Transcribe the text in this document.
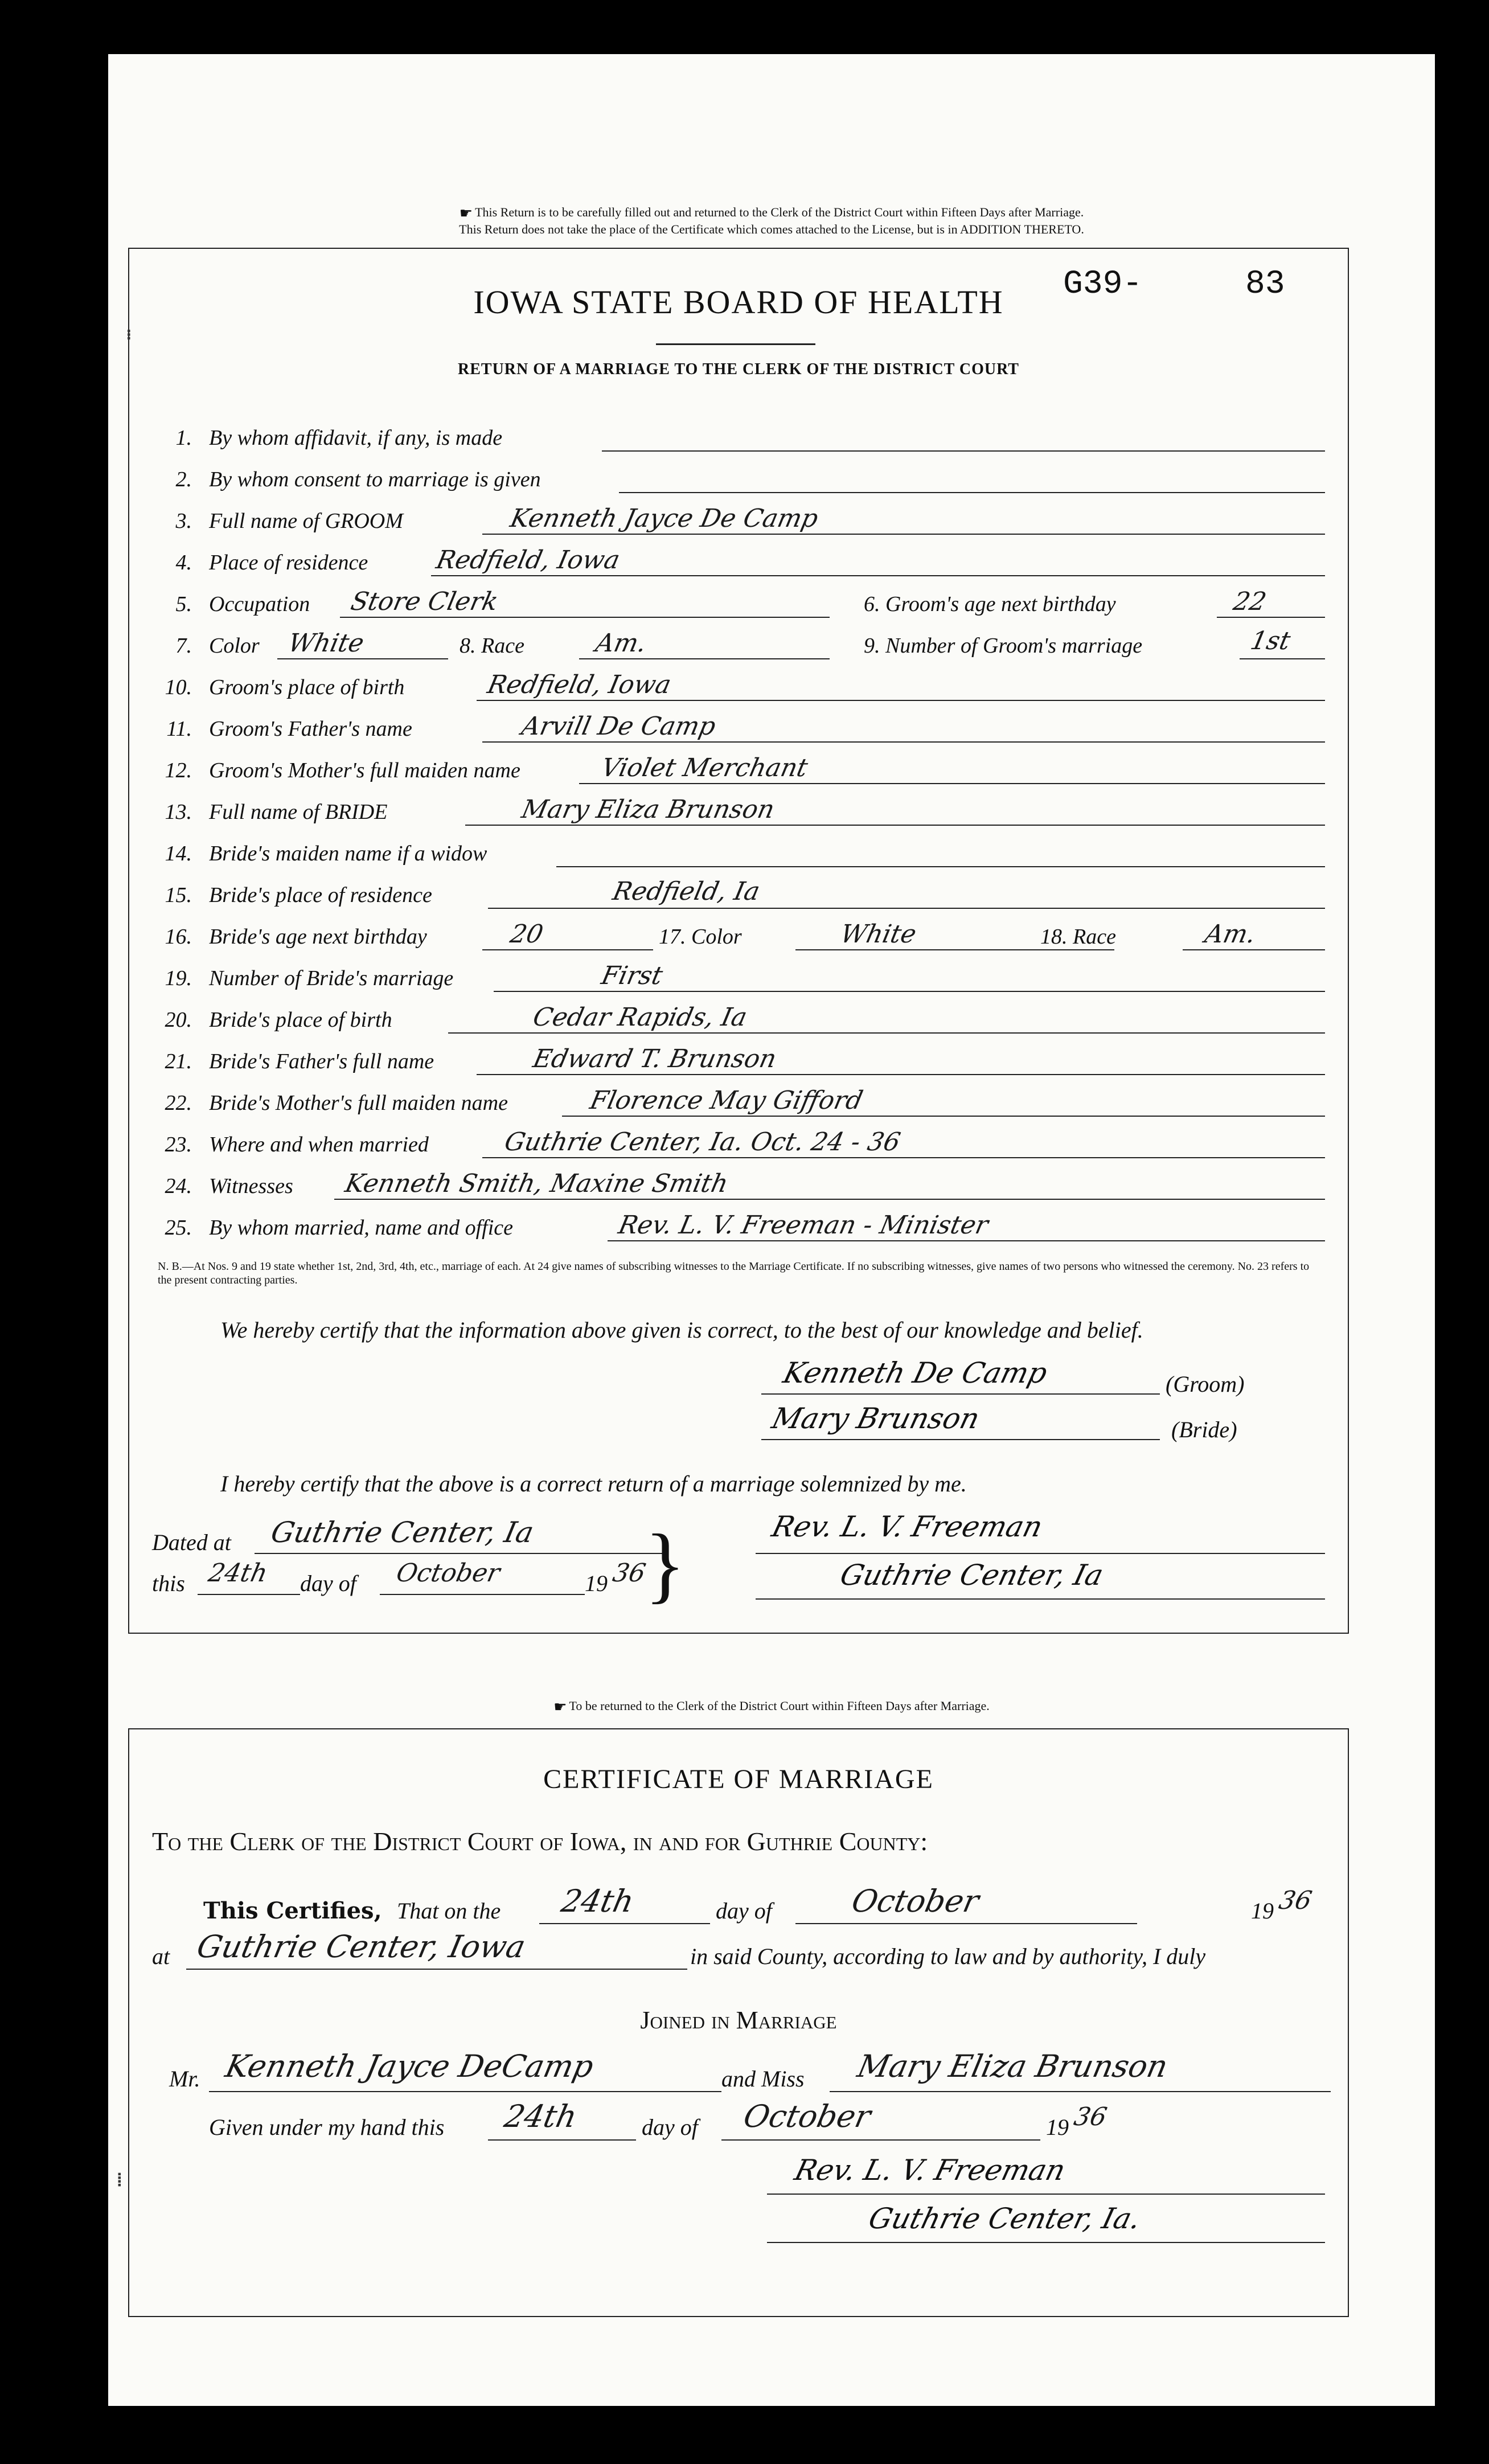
☛ This Return is to be carefully filled out and returned to the Clerk of the District Court within Fifteen Days after Marriage.
This Return does not take the place of the Certificate which comes attached to the License, but is in ADDITION THERETO.
▪▪▪
IOWA STATE BOARD OF HEALTH
RETURN OF A MARRIAGE TO THE CLERK OF THE DISTRICT COURT
G39-	83
1. By whom affidavit, if any, is made
2. By whom consent to marriage is given
3. Full name of GROOM	Kenneth Jayce De Camp
4. Place of residence	Redfield, Iowa
5. Occupation Store Clerk	6. Groom's age next birthday	22
7. Color White	8. Race	Am.	9. Number of Groom's marriage	1st
10. Groom's place of birth	Redfield, Iowa
11. Groom's Father's name	Arvill De Camp
12. Groom's Mother's full maiden name	Violet Merchant
13. Full name of BRIDE	Mary Eliza Brunson
14. Bride's maiden name if a widow
15. Bride's place of residence	Redfield, Ia
16. Bride's age next birthday	20	17. Color	White	18. Race	Am.
19. Number of Bride's marriage	First
20. Bride's place of birth	Cedar Rapids, Ia
21. Bride's Father's full name	Edward T. Brunson
22. Bride's Mother's full maiden name	Florence May Gifford
23. Where and when married	Guthrie Center, Ia. Oct. 24 - 36
24. Witnesses Kenneth Smith, Maxine Smith
25. By whom married, name and office	Rev. L. V. Freeman - Minister
N. B.—At Nos. 9 and 19 state whether 1st, 2nd, 3rd, 4th, etc., marriage of each. At 24 give names of subscribing witnesses to the Marriage Certificate. If no subscribing witnesses, give names of two persons who witnessed the ceremony. No. 23 refers to the present contracting parties.
We hereby certify that the information above given is correct, to the best of our knowledge and belief.
Kenneth De Camp	(Groom)
Mary Brunson	(Bride)
I hereby certify that the above is a correct return of a marriage solemnized by me.
Dated at Guthrie Center, Ia
this 24th day of October	19 36
}	Rev. L. V. Freeman
Guthrie Center, Ia
☛ To be returned to the Clerk of the District Court within Fifteen Days after Marriage.
CERTIFICATE OF MARRIAGE
To the Clerk of the District Court of Iowa, in and for Guthrie County:
This Certifies, That on the 24th	day of October	19 36
at Guthrie Center, Iowa	in said County, according to law and by authority, I duly
Joined in Marriage
Mr. Kenneth Jayce DeCamp	and Miss Mary Eliza Brunson
Given under my hand this 24th	day of October	19 36
Rev. L. V. Freeman
Guthrie Center, Ia.
▪▪▪▪
